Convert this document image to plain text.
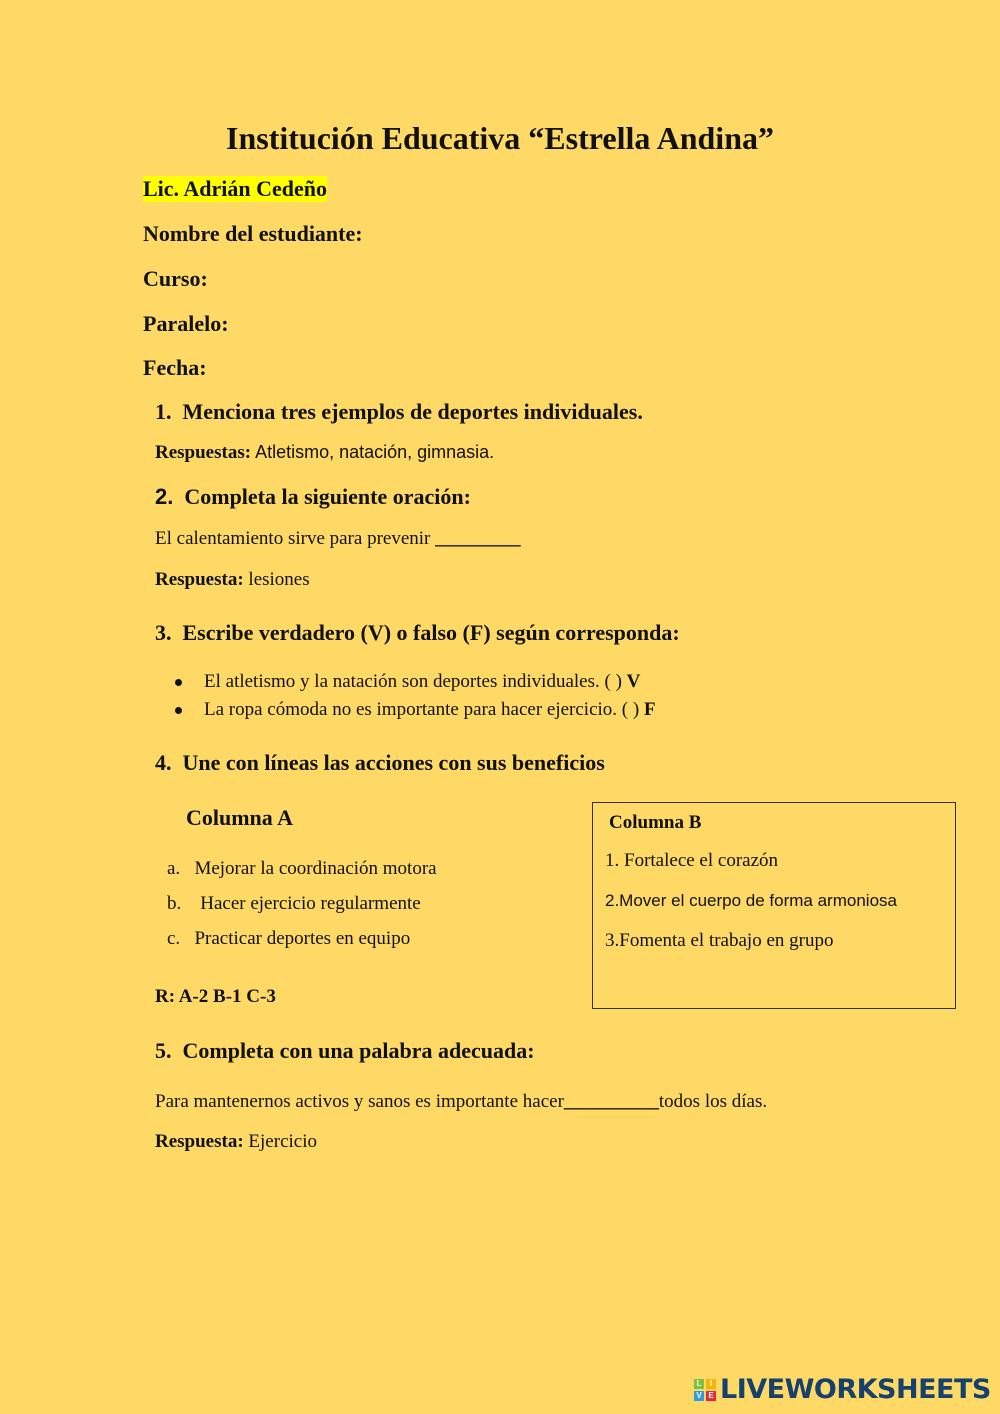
Institución Educativa “Estrella Andina”
Lic. Adrián Cedeño
Nombre del estudiante:
Curso:
Paralelo:
Fecha:
1. Menciona tres ejemplos de deportes individuales.
Respuestas: Atletismo, natación, gimnasia.
2. Completa la siguiente oración:
El calentamiento sirve para prevenir _________
Respuesta: lesiones
3. Escribe verdadero (V) o falso (F) según corresponda:
El atletismo y la natación son deportes individuales. ( ) V
La ropa cómoda no es importante para hacer ejercicio. ( ) F
4. Une con líneas las acciones con sus beneficios
Columna A
a. Mejorar la coordinación motora
b. Hacer ejercicio regularmente
c. Practicar deportes en equipo
R: A-2 B-1 C-3
Columna B
1. Fortalece el corazón
2.Mover el cuerpo de forma armoniosa
3.Fomenta el trabajo en grupo
5. Completa con una palabra adecuada:
Para mantenernos activos y sanos es importante hacer__________todos los días.
Respuesta: Ejercicio
L	I
V E LIVEWORKSHEETS
